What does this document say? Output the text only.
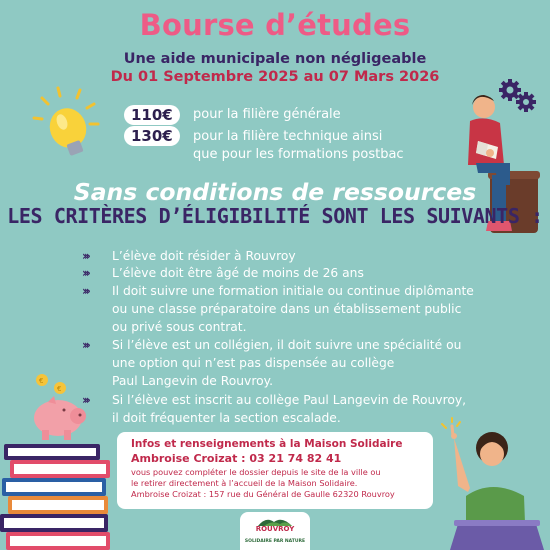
€
€
Bourse d’études
Une aide municipale non négligeable
Du 01 Septembre 2025 au 07 Mars 2026
110€	pour la filière générale
130€	pour la filière technique ainsi
que pour les formations postbac
Sans conditions de ressources
LES CRITÈRES D’ÉLIGIBILITÉ SONT LES SUIVANTS :
››› L’élève doit résider à Rouvroy
››› L’élève doit être âgé de moins de 26 ans
››› Il doit suivre une formation initiale ou continue diplômante
ou une classe préparatoire dans un établissement public
ou privé sous contrat.
››› Si l’élève est un collégien, il doit suivre une spécialité ou
une option qui n’est pas dispensée au collège
Paul Langevin de Rouvroy.
››› Si l’élève est inscrit au collège Paul Langevin de Rouvroy,
il doit fréquenter la section escalade.
Infos et renseignements à la Maison Solidaire
Ambroise Croizat : 03 21 74 82 41
vous pouvez compléter le dossier depuis le site de la ville ou
le retirer directement à l’accueil de la Maison Solidaire.
Ambroise Croizat : 157 rue du Général de Gaulle 62320 Rouvroy
ROUVROY
SOLIDAIRE PAR NATURE
